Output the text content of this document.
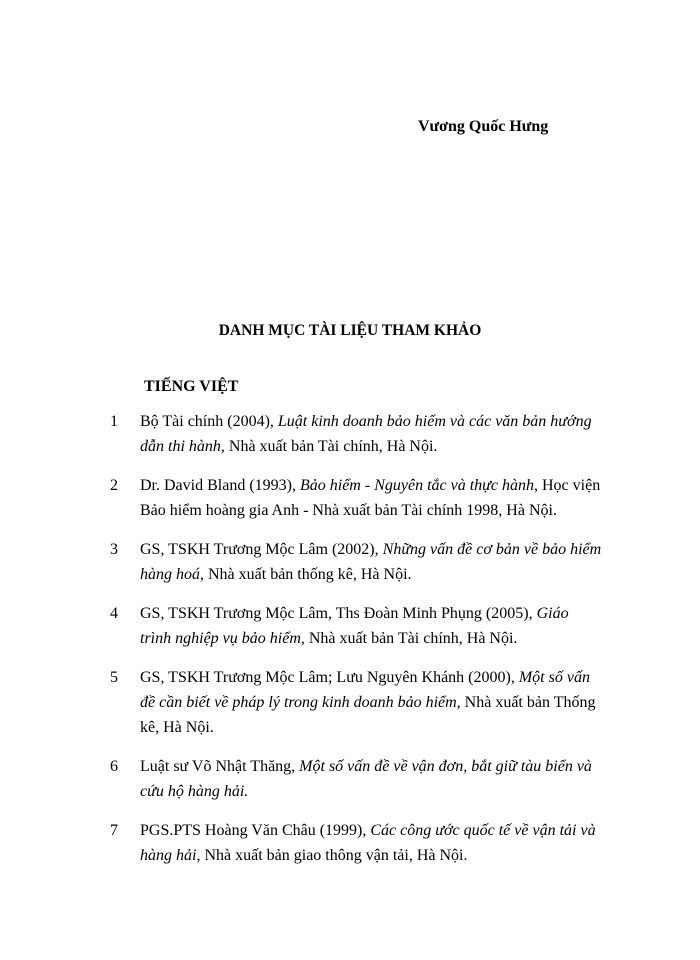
Vương Quốc Hưng
DANH MỤC TÀI LIỆU THAM KHẢO
TIẾNG VIỆT
1 Bộ Tài chính (2004), Luật kinh doanh bảo hiểm và các văn bản hướng dẫn thi hành, Nhà xuất bản Tài chính, Hà Nội.
2 Dr. David Bland (1993), Bảo hiểm - Nguyên tắc và thực hành, Học viện Bảo hiểm hoàng gia Anh - Nhà xuất bản Tài chính 1998, Hà Nội.
3 GS, TSKH Trương Mộc Lâm (2002), Những vấn đề cơ bản về bảo hiểm hàng hoá, Nhà xuất bản thống kê, Hà Nội.
4 GS, TSKH Trương Mộc Lâm, Ths Đoàn Minh Phụng (2005), Giáo trình nghiệp vụ bảo hiểm, Nhà xuất bản Tài chính, Hà Nội.
5 GS, TSKH Trương Mộc Lâm; Lưu Nguyên Khánh (2000), Một số vấn đề cần biết về pháp lý trong kinh doanh bảo hiểm, Nhà xuất bản Thống kê, Hà Nội.
6 Luật sư Võ Nhật Thăng, Một số vấn đề về vận đơn, bắt giữ tàu biển và cứu hộ hàng hải.
7 PGS.PTS Hoàng Văn Châu (1999), Các công ước quốc tế về vận tải và hàng hải, Nhà xuất bản giao thông vận tải, Hà Nội.
